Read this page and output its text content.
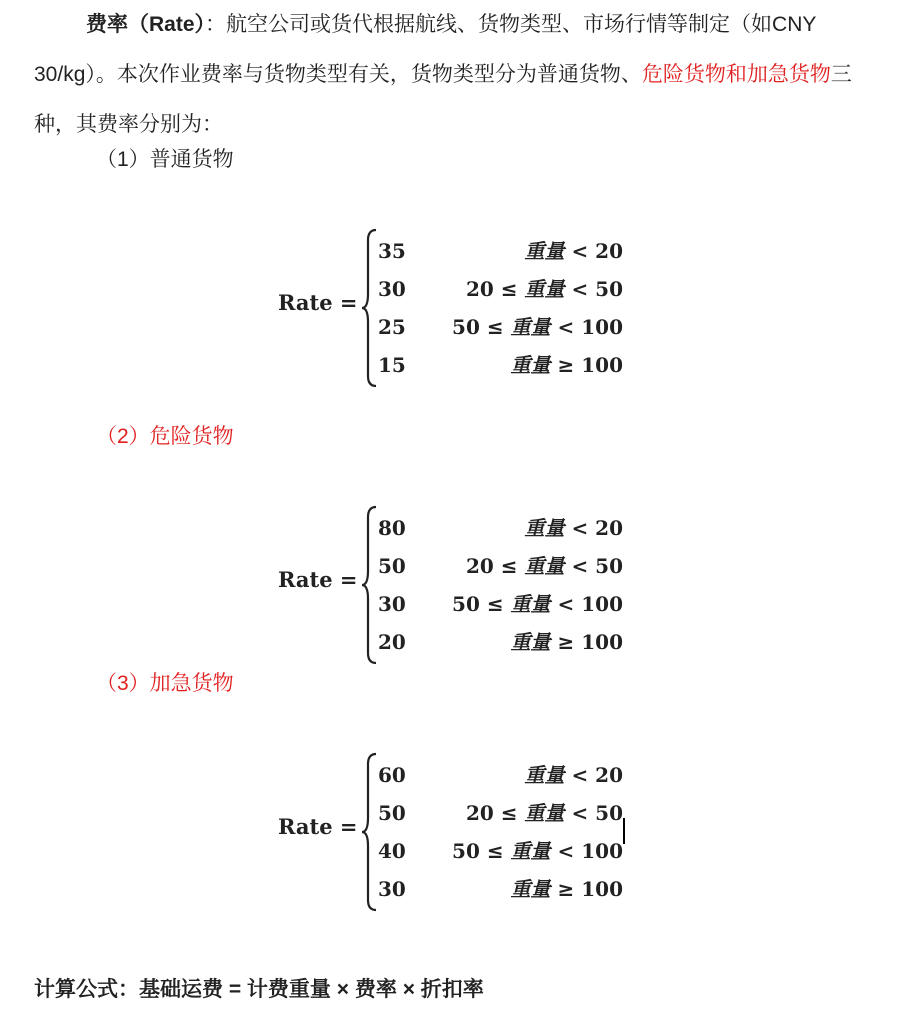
费率（Rate）：航空公司或货代根据航线、货物类型、市场行情等制定（如CNY 30/kg）。本次作业费率与货物类型有关，货物类型分为普通货物、危险货物和加急货物三种，其费率分别为：
（1）普通货物
Rate =
35	重量 < 20
30	20 ≤ 重量 < 50
25 50 ≤ 重量 < 100
15	重量 ≥ 100
（2）危险货物
Rate =
80	重量 < 20
50	20 ≤ 重量 < 50
30 50 ≤ 重量 < 100
20	重量 ≥ 100
（3）加急货物
Rate =
60	重量 < 20
50	20 ≤ 重量 < 50
40 50 ≤ 重量 < 100
30	重量 ≥ 100
计算公式：基础运费 = 计费重量 × 费率 × 折扣率
